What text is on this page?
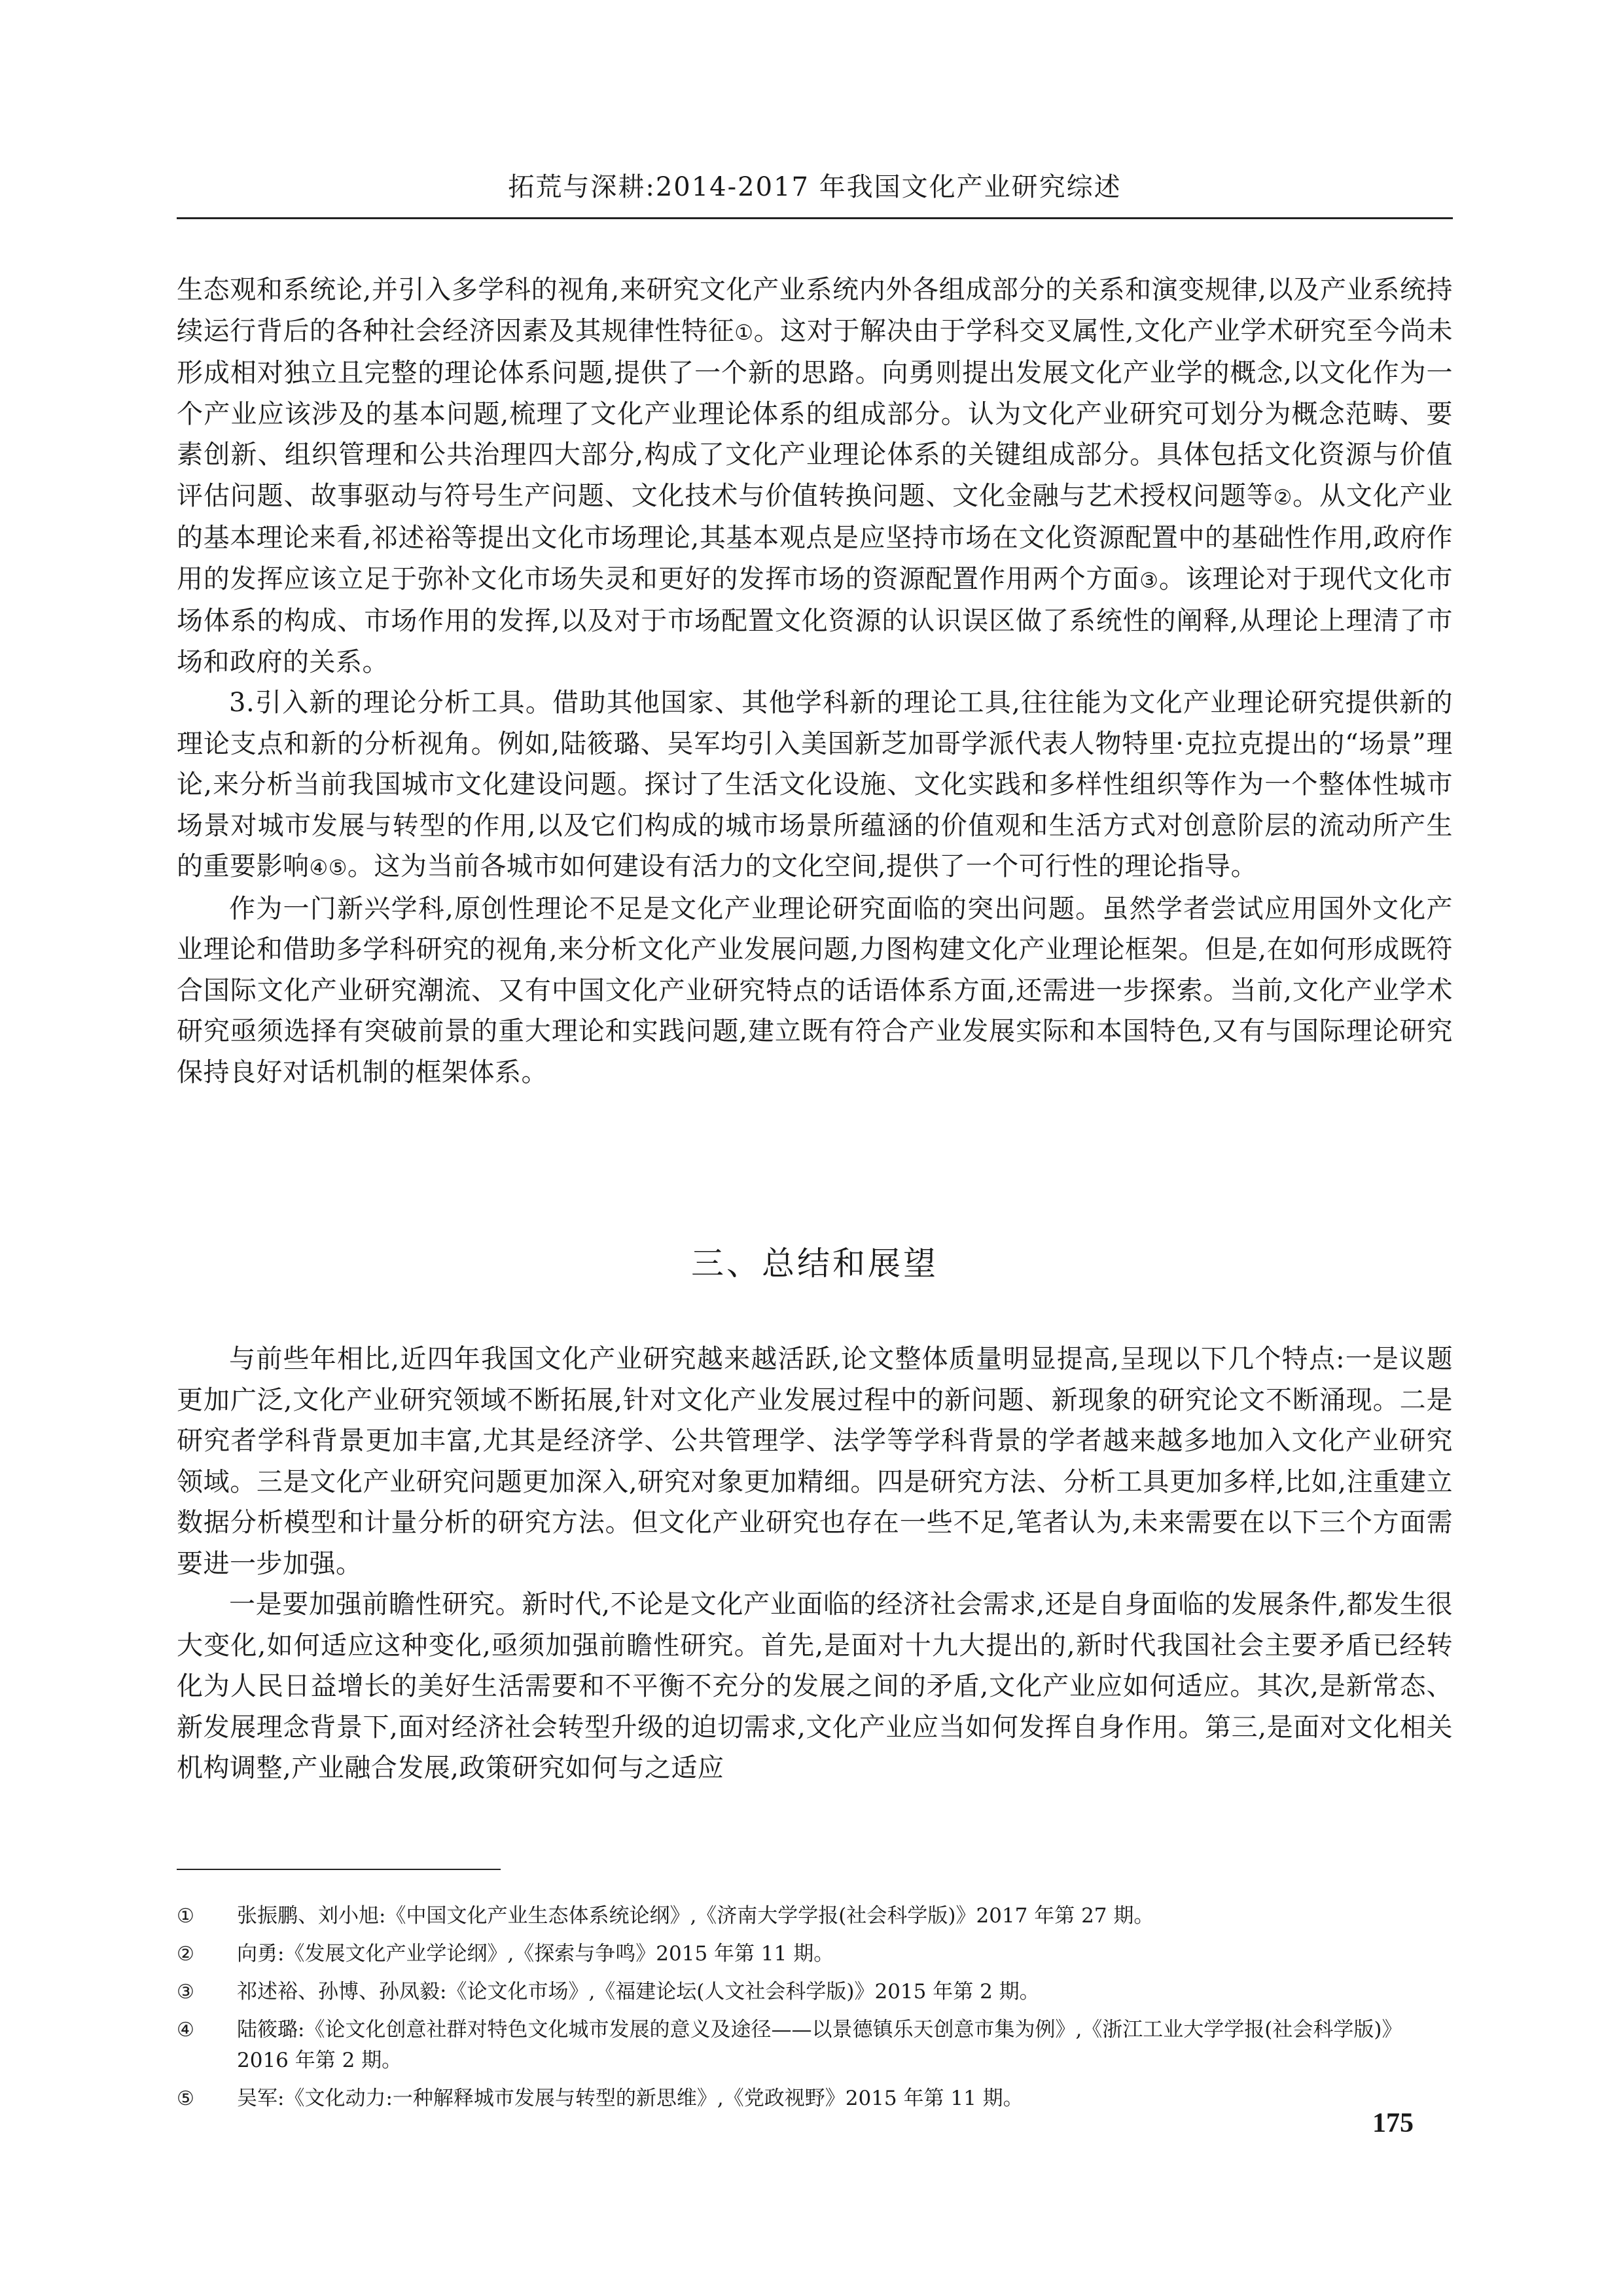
拓荒与深耕:2014-2017 年我国文化产业研究综述

生态观和系统论,并引入多学科的视角,来研究文化产业系统内外各组成部分的关系和演变规律,以及产业系统持续运行背后的各种社会经济因素及其规律性特征①。这对于解决由于学科交叉属性,文化产业学术研究至今尚未形成相对独立且完整的理论体系问题,提供了一个新的思路。向勇则提出发展文化产业学的概念,以文化作为一个产业应该涉及的基本问题,梳理了文化产业理论体系的组成部分。认为文化产业研究可划分为概念范畴、要素创新、组织管理和公共治理四大部分,构成了文化产业理论体系的关键组成部分。具体包括文化资源与价值评估问题、故事驱动与符号生产问题、文化技术与价值转换问题、文化金融与艺术授权问题等②。从文化产业的基本理论来看,祁述裕等提出文化市场理论,其基本观点是应坚持市场在文化资源配置中的基础性作用,政府作用的发挥应该立足于弥补文化市场失灵和更好的发挥市场的资源配置作用两个方面③。该理论对于现代文化市场体系的构成、市场作用的发挥,以及对于市场配置文化资源的认识误区做了系统性的阐释,从理论上理清了市场和政府的关系。

3.引入新的理论分析工具。借助其他国家、其他学科新的理论工具,往往能为文化产业理论研究提供新的理论支点和新的分析视角。例如,陆筱璐、吴军均引入美国新芝加哥学派代表人物特里·克拉克提出的“场景”理论,来分析当前我国城市文化建设问题。探讨了生活文化设施、文化实践和多样性组织等作为一个整体性城市场景对城市发展与转型的作用,以及它们构成的城市场景所蕴涵的价值观和生活方式对创意阶层的流动所产生的重要影响④⑤。这为当前各城市如何建设有活力的文化空间,提供了一个可行性的理论指导。

作为一门新兴学科,原创性理论不足是文化产业理论研究面临的突出问题。虽然学者尝试应用国外文化产业理论和借助多学科研究的视角,来分析文化产业发展问题,力图构建文化产业理论框架。但是,在如何形成既符合国际文化产业研究潮流、又有中国文化产业研究特点的话语体系方面,还需进一步探索。当前,文化产业学术研究亟须选择有突破前景的重大理论和实践问题,建立既有符合产业发展实际和本国特色,又有与国际理论研究保持良好对话机制的框架体系。

三、总结和展望

与前些年相比,近四年我国文化产业研究越来越活跃,论文整体质量明显提高,呈现以下几个特点:一是议题更加广泛,文化产业研究领域不断拓展,针对文化产业发展过程中的新问题、新现象的研究论文不断涌现。二是研究者学科背景更加丰富,尤其是经济学、公共管理学、法学等学科背景的学者越来越多地加入文化产业研究领域。三是文化产业研究问题更加深入,研究对象更加精细。四是研究方法、分析工具更加多样,比如,注重建立数据分析模型和计量分析的研究方法。但文化产业研究也存在一些不足,笔者认为,未来需要在以下三个方面需要进一步加强。

一是要加强前瞻性研究。新时代,不论是文化产业面临的经济社会需求,还是自身面临的发展条件,都发生很大变化,如何适应这种变化,亟须加强前瞻性研究。首先,是面对十九大提出的,新时代我国社会主要矛盾已经转化为人民日益增长的美好生活需要和不平衡不充分的发展之间的矛盾,文化产业应如何适应。其次,是新常态、新发展理念背景下,面对经济社会转型升级的迫切需求,文化产业应当如何发挥自身作用。第三,是面对文化相关机构调整,产业融合发展,政策研究如何与之适应

① 张振鹏、刘小旭:《中国文化产业生态体系统论纲》,《济南大学学报(社会科学版)》2017 年第 27 期。
② 向勇:《发展文化产业学论纲》,《探索与争鸣》2015 年第 11 期。
③ 祁述裕、孙博、孙凤毅:《论文化市场》,《福建论坛(人文社会科学版)》2015 年第 2 期。
④ 陆筱璐:《论文化创意社群对特色文化城市发展的意义及途径——以景德镇乐天创意市集为例》,《浙江工业大学学报(社会科学版)》2016 年第 2 期。
⑤ 吴军:《文化动力:一种解释城市发展与转型的新思维》,《党政视野》2015 年第 11 期。
175
